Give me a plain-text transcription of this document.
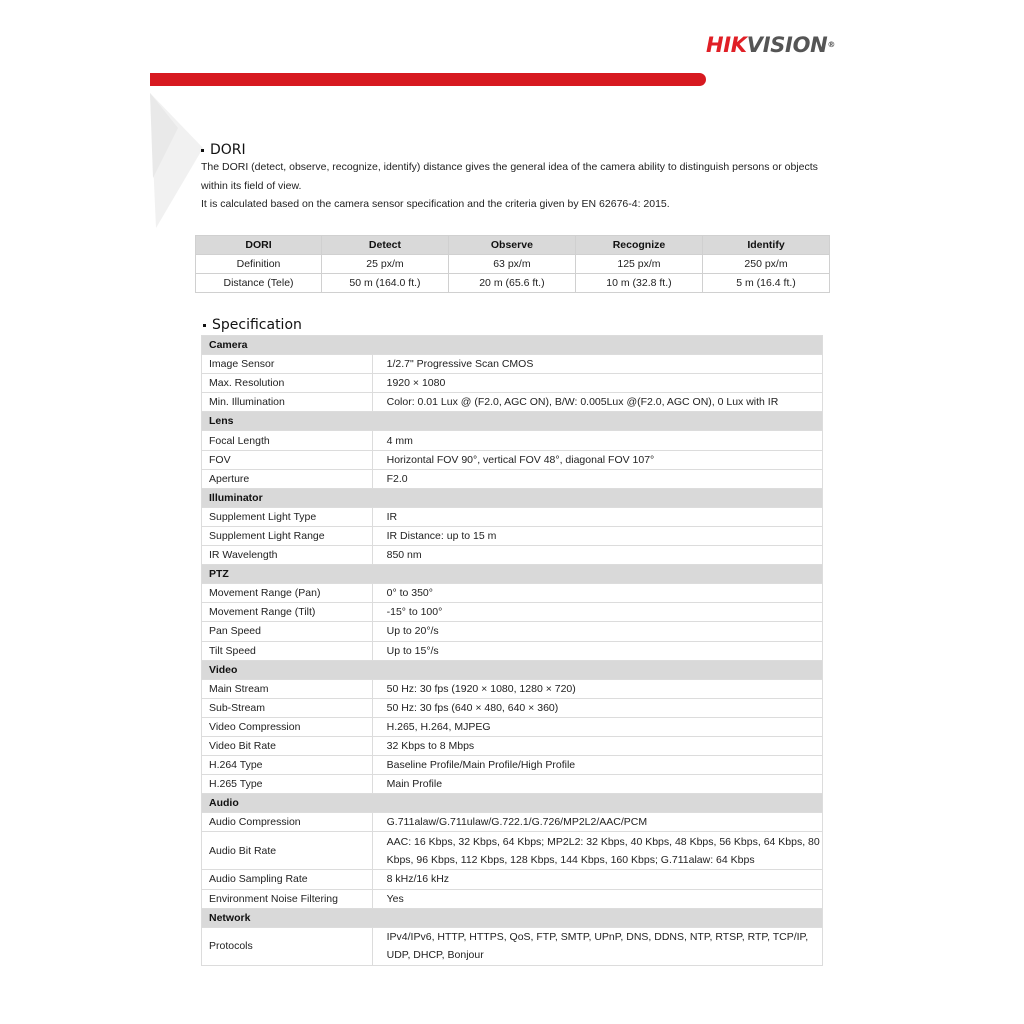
HIKVISION®
DORI
The DORI (detect, observe, recognize, identify) distance gives the general idea of the camera ability to distinguish persons or objects within its field of view.
It is calculated based on the camera sensor specification and the criteria given by EN 62676-4: 2015.
DORI	Detect	Observe	Recognize	Identify
Definition	25 px/m	63 px/m	125 px/m	250 px/m
Distance (Tele)	50 m (164.0 ft.)	20 m (65.6 ft.)	10 m (32.8 ft.)	5 m (16.4 ft.)
Specification
Camera	
Image Sensor	1/2.7" Progressive Scan CMOS
Max. Resolution	1920 × 1080
Min. Illumination	Color: 0.01 Lux @ (F2.0, AGC ON), B/W: 0.005Lux @(F2.0, AGC ON), 0 Lux with IR
Lens	
Focal Length	4 mm
FOV	Horizontal FOV 90°, vertical FOV 48°, diagonal FOV 107°
Aperture	F2.0
Illuminator	
Supplement Light Type	IR
Supplement Light Range	IR Distance: up to 15 m
IR Wavelength	850 nm
PTZ	
Movement Range (Pan)	0° to 350°
Movement Range (Tilt)	-15° to 100°
Pan Speed	Up to 20°/s
Tilt Speed	Up to 15°/s
Video	
Main Stream	50 Hz: 30 fps (1920 × 1080, 1280 × 720)
Sub-Stream	50 Hz: 30 fps (640 × 480, 640 × 360)
Video Compression	H.265, H.264, MJPEG
Video Bit Rate	32 Kbps to 8 Mbps
H.264 Type	Baseline Profile/Main Profile/High Profile
H.265 Type	Main Profile
Audio	
Audio Compression	G.711alaw/G.711ulaw/G.722.1/G.726/MP2L2/AAC/PCM
Audio Bit Rate	AAC: 16 Kbps, 32 Kbps, 64 Kbps; MP2L2: 32 Kbps, 40 Kbps, 48 Kbps, 56 Kbps, 64 Kbps, 80 Kbps, 96 Kbps, 112 Kbps, 128 Kbps, 144 Kbps, 160 Kbps; G.711alaw: 64 Kbps
Audio Sampling Rate	8 kHz/16 kHz
Environment Noise Filtering	Yes
Network	
Protocols	IPv4/IPv6, HTTP, HTTPS, QoS, FTP, SMTP, UPnP, DNS, DDNS, NTP, RTSP, RTP, TCP/IP, UDP, DHCP, Bonjour
